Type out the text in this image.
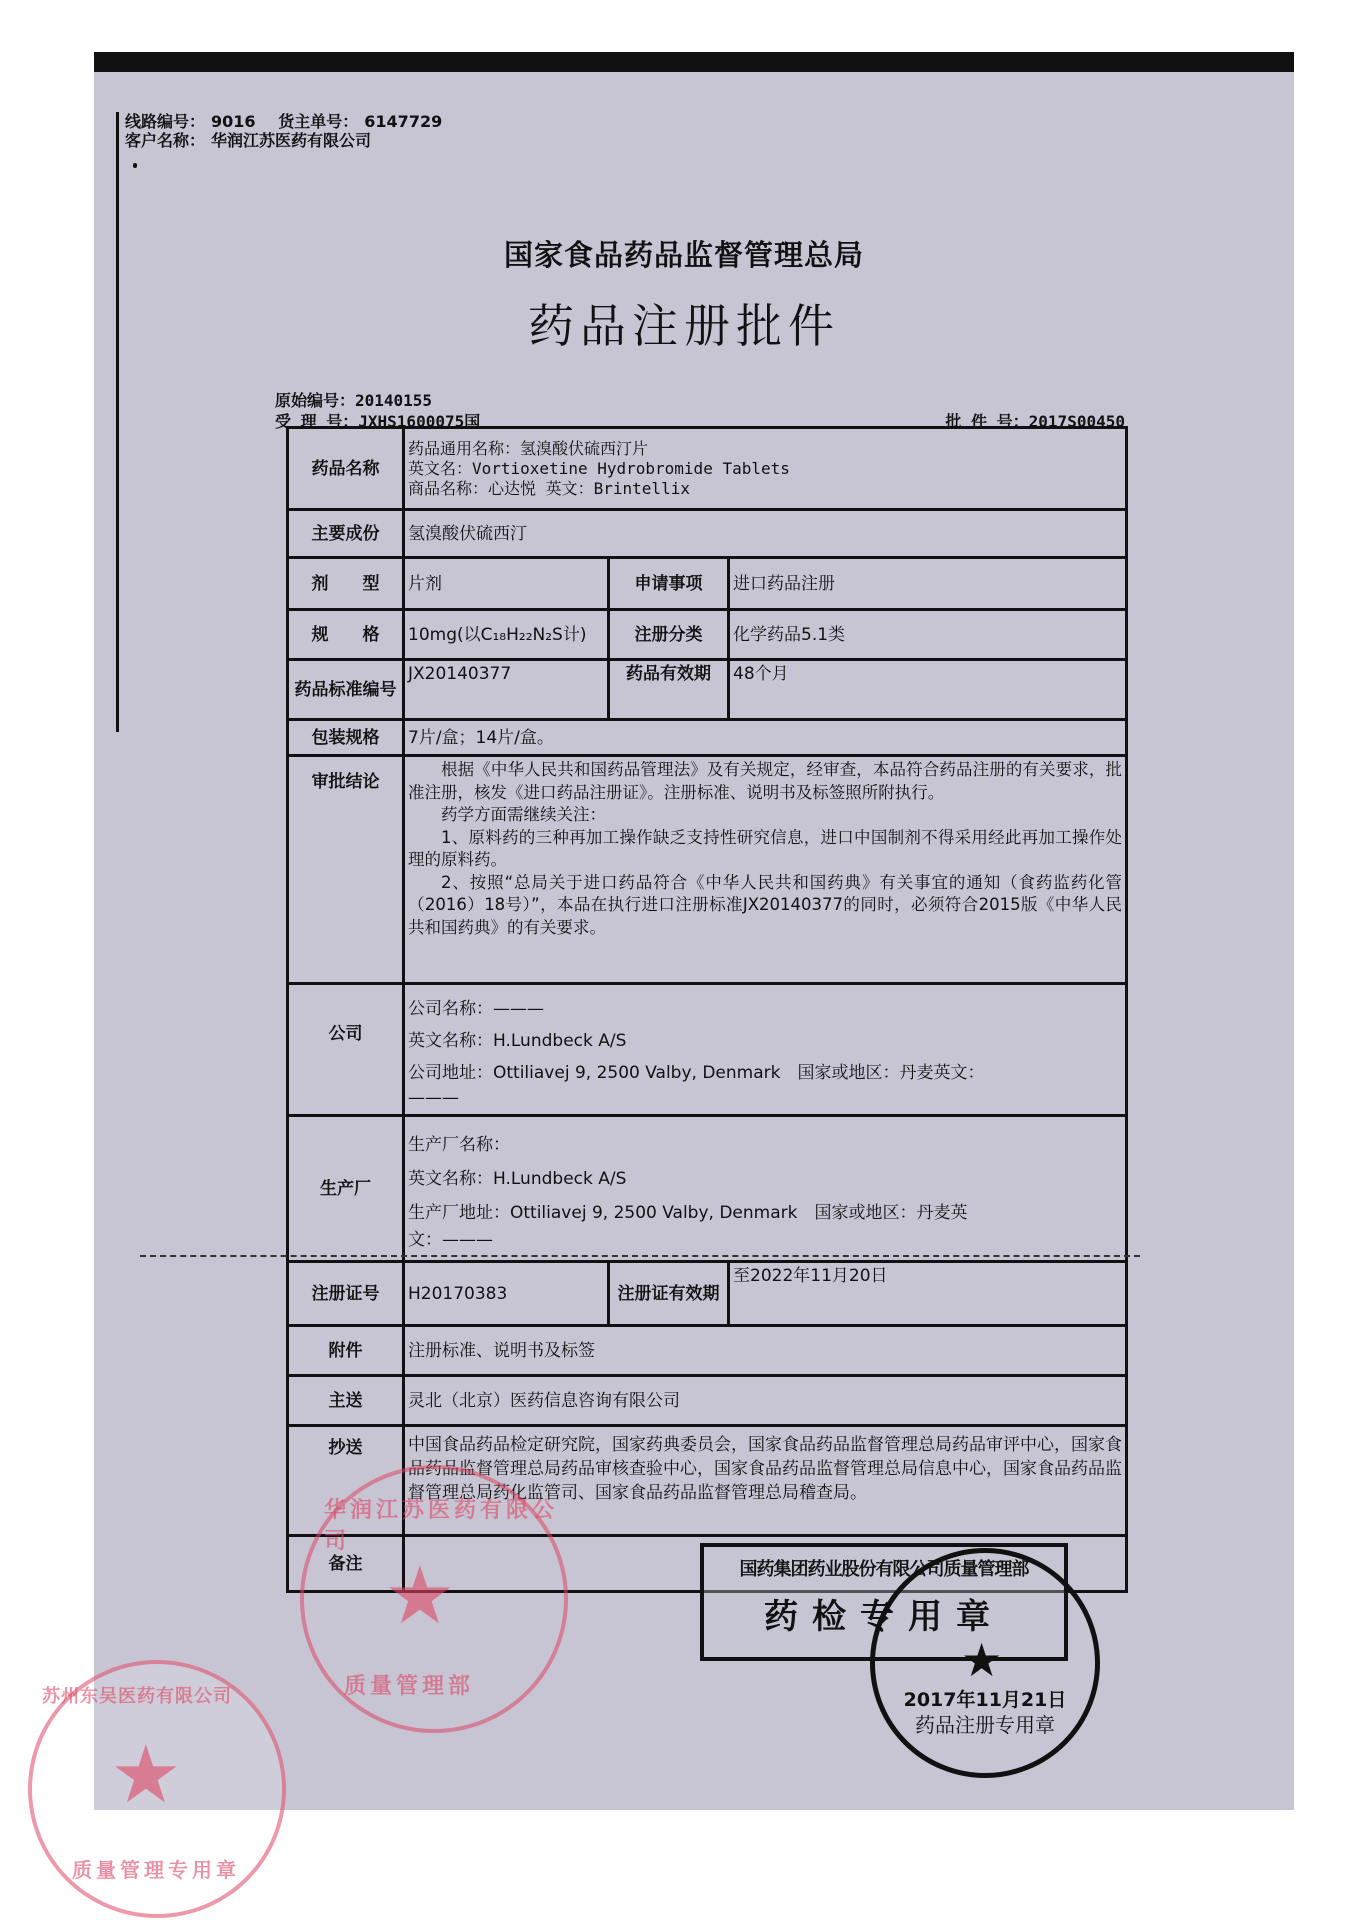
线路编号： 9016 货主单号： 6147729
客户名称： 华润江苏医药有限公司
国家食品药品监督管理总局
药品注册批件
原始编号：20140155
受 理 号：JXHS1600075国	批 件 号：2017S00450
药品名称	药品通用名称：氢溴酸伏硫西汀片
英文名：Vortioxetine Hydrobromide Tablets
商品名称：心达悦 英文：Brintellix		

主要成份	氢溴酸伏硫西汀		
剂　　型	片剂	申请事项	进口药品注册
规　　格	10mg(以C₁₈H₂₂N₂S计)	注册分类	化学药品5.1类
药品标准编号	JX20140377	药品有效期	48个月
包装规格	7片/盒；14片/盒。		
审批结论	根据《中华人民共和国药品管理法》及有关规定，经审查，本品符合药品注册的有关要求，批准注册，核发《进口药品注册证》。注册标准、说明书及标签照所附执行。
药学方面需继续关注：
1、原料药的三种再加工操作缺乏支持性研究信息，进口中国制剂不得采用经此再加工操作处理的原料药。
2、按照“总局关于进口药品符合《中华人民共和国药典》有关事宜的通知（食药监药化管（2016）18号）”，本品在执行进口注册标准JX20140377的同时，必须符合2015版《中华人民共和国药典》的有关要求。		

公司	公司名称：———
英文名称：H.Lundbeck A/S
公司地址：Ottiliavej 9, 2500 Valby, Denmark　国家或地区：丹麦英文：
———		

生产厂	生产厂名称：
英文名称：H.Lundbeck A/S
生产厂地址：Ottiliavej 9, 2500 Valby, Denmark　国家或地区：丹麦英
文：———		

注册证号	H20170383	注册证有效期	至2022年11月20日
附件	注册标准、说明书及标签		
主送	灵北（北京）医药信息咨询有限公司		
抄送	中国食品药品检定研究院，国家药典委员会，国家食品药品监督管理总局药品审评中心，国家食品药品监督管理总局药品审核查验中心，国家食品药品监督管理总局信息中心，国家食品药品监督管理总局药化监管司、国家食品药品监督管理总局稽查局。		
备注			
华润江苏医药有限公司
★
质量管理部
国药集团药业股份有限公司质量管理部
药检专用章
★
2017年11月21日
药品注册专用章
苏州东吴医药有限公司
★
质量管理专用章
